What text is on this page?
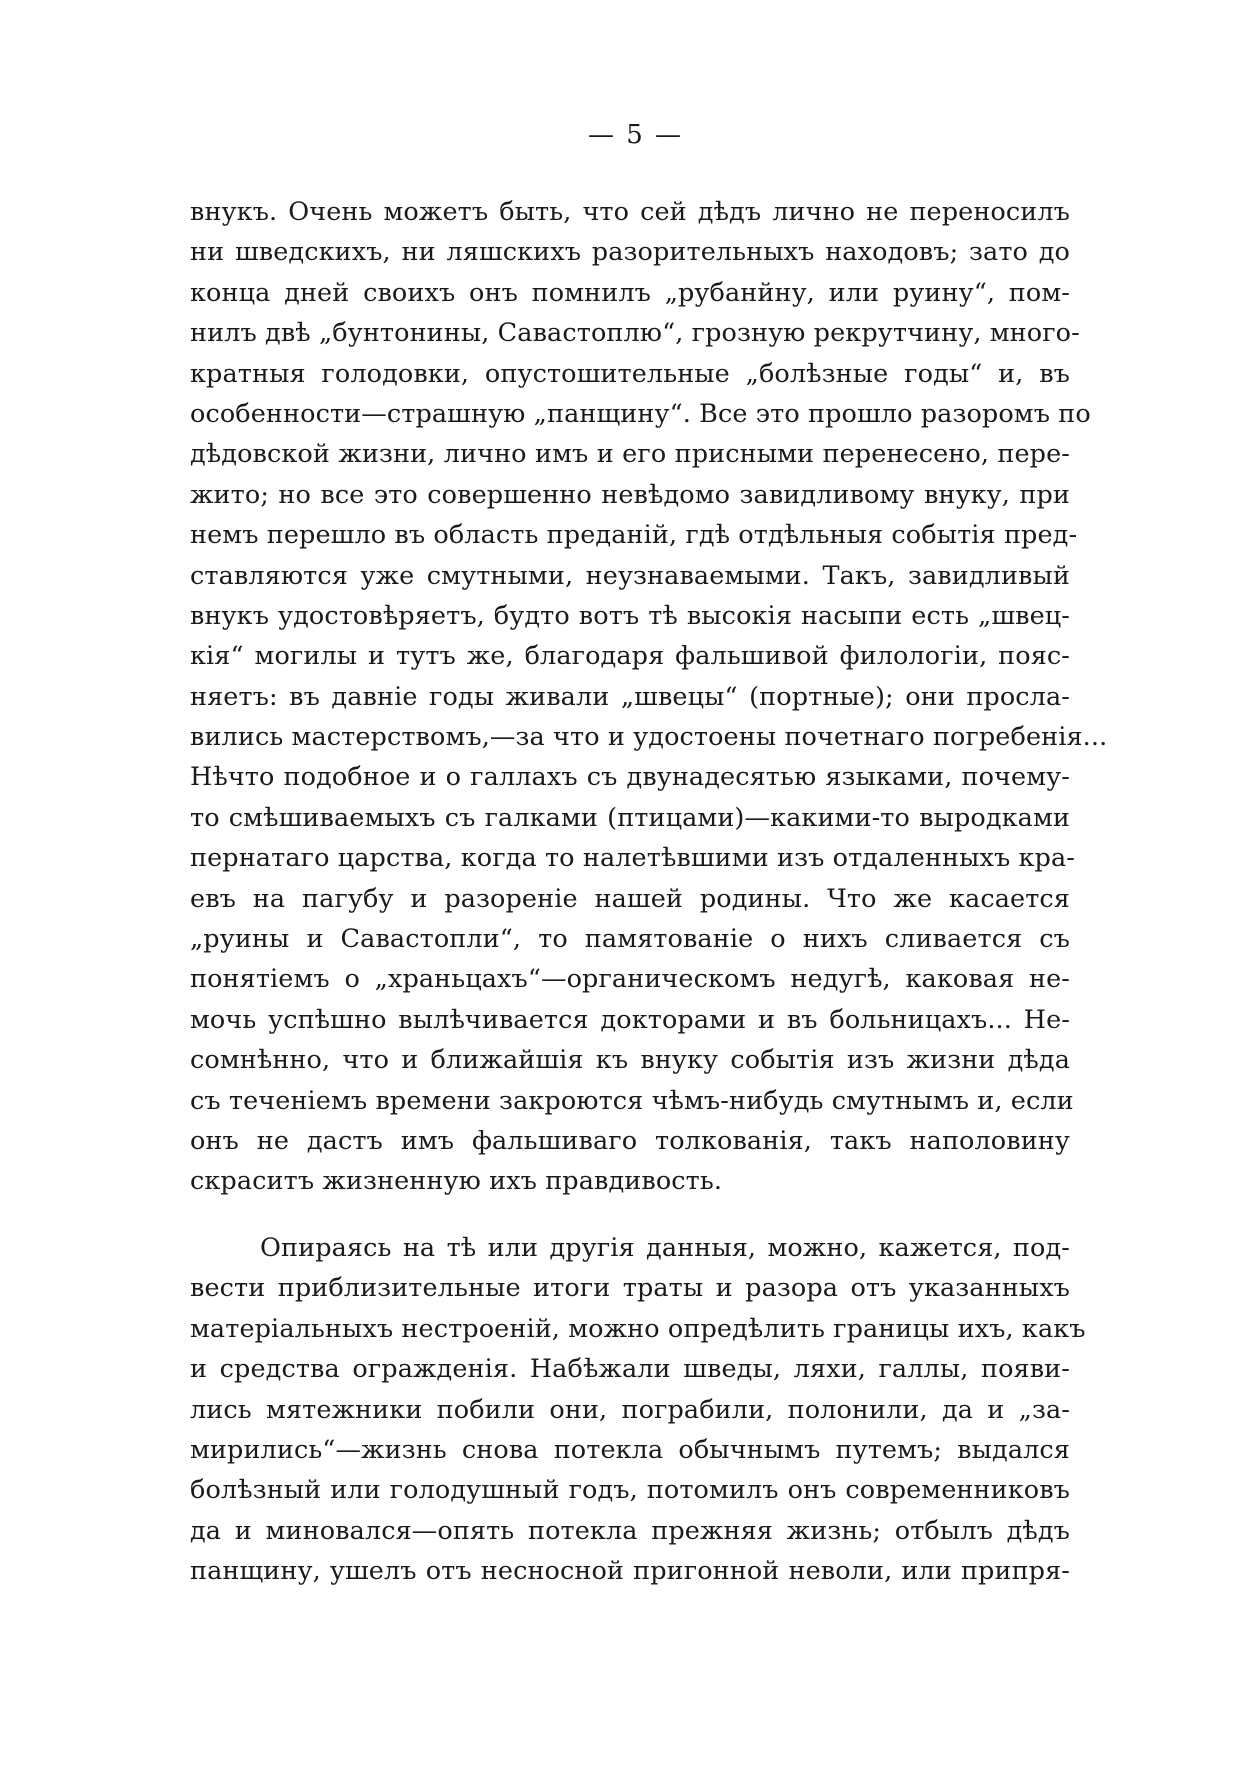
— 5 —
внукъ. Очень можетъ быть, что сей дѣдъ лично не переносилъ
ни шведскихъ, ни ляшскихъ разорительныхъ находовъ; зато до
конца дней своихъ онъ помнилъ „рубанйну, или руину“, пом-
нилъ двѣ „бунтонины, Савастоплю“, грозную рекрутчину, много-
кратныя голодовки, опустошительные „болѣзные годы“ и, въ
особенности—страшную „панщину“. Все это прошло разоромъ по
дѣдовской жизни, лично имъ и его присными перенесено, пере-
жито; но все это совершенно невѣдомо завидливому внуку, при
немъ перешло въ область преданій, гдѣ отдѣльныя событія пред-
ставляются уже смутными, неузнаваемыми. Такъ, завидливый
внукъ удостовѣряетъ, будто вотъ тѣ высокія насыпи есть „швец-
кія“ могилы и тутъ же, благодаря фальшивой филологіи, пояс-
няетъ: въ давніе годы живали „швецы“ (портные); они просла-
вились мастерствомъ,—за что и удостоены почетнаго погребенія...
Нѣчто подобное и о галлахъ съ двунадесятью языками, почему-
то смѣшиваемыхъ съ галками (птицами)—какими-то выродками
пернатаго царства, когда то налетѣвшими изъ отдаленныхъ кра-
евъ на пагубу и разореніе нашей родины. Что же касается
„руины и Савастопли“, то памятованіе о нихъ сливается съ
понятіемъ о „храньцахъ“—органическомъ недугѣ, каковая не-
мочь успѣшно вылѣчивается докторами и въ больницахъ... Не-
сомнѣнно, что и ближайшія къ внуку событія изъ жизни дѣда
съ теченіемъ времени закроются чѣмъ-нибудь смутнымъ и, если
онъ не дастъ имъ фальшиваго толкованія, такъ наполовину
скраситъ жизненную ихъ правдивость.
Опираясь на тѣ или другія данныя, можно, кажется, под-
вести приблизительные итоги траты и разора отъ указанныхъ
матеріальныхъ нестроеній, можно опредѣлить границы ихъ, какъ
и средства огражденія. Набѣжали шведы, ляхи, галлы, появи-
лись мятежники побили они, пограбили, полонили, да и „за-
мирились“—жизнь снова потекла обычнымъ путемъ; выдался
болѣзный или голодушный годъ, потомилъ онъ современниковъ
да и миновался—опять потекла прежняя жизнь; отбылъ дѣдъ
панщину, ушелъ отъ несносной пригонной неволи, или припря-
